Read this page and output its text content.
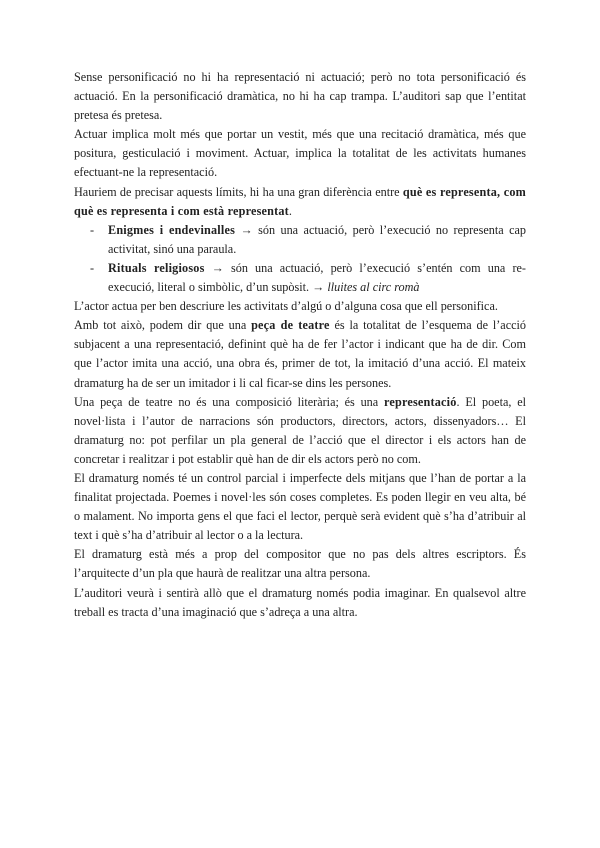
Sense personificació no hi ha representació ni actuació; però no tota personificació és actuació. En la personificació dramàtica, no hi ha cap trampa. L’auditori sap que l’entitat pretesa és pretesa.

Actuar implica molt més que portar un vestit, més que una recitació dramàtica, més que positura, gesticulació i moviment. Actuar, implica la totalitat de les activitats humanes efectuant-ne la representació.

Hauriem de precisar aquests límits, hi ha una gran diferència entre què es representa, com què es representa i com està representat.

- Enigmes i endevinalles → són una actuació, però l’execució no representa cap activitat, sinó una paraula.
- Rituals religiosos → són una actuació, però l’execució s’entén com una re-execució, literal o simbòlic, d’un supòsit. → lluites al circ romà

L’actor actua per ben descriure les activitats d’algú o d’alguna cosa que ell personifica.

Amb tot això, podem dir que una peça de teatre és la totalitat de l’esquema de l’acció subjacent a una representació, definint què ha de fer l’actor i indicant que ha de dir. Com que l’actor imita una acció, una obra és, primer de tot, la imitació d’una acció. El mateix dramaturg ha de ser un imitador i li cal ficar-se dins les persones.

Una peça de teatre no és una composició literària; és una representació. El poeta, el novel·lista i l’autor de narracions són productors, directors, actors, dissenyadors… El dramaturg no: pot perfilar un pla general de l’acció que el director i els actors han de concretar i realitzar i pot establir què han de dir els actors però no com.

El dramaturg només té un control parcial i imperfecte dels mitjans que l’han de portar a la finalitat projectada. Poemes i novel·les són coses completes. Es poden llegir en veu alta, bé o malament. No importa gens el que faci el lector, perquè serà evident què s’ha d’atribuir al text i què s’ha d’atribuir al lector o a la lectura.

El dramaturg està més a prop del compositor que no pas dels altres escriptors. És l’arquitecte d’un pla que haurà de realitzar una altra persona.

L’auditori veurà i sentirà allò que el dramaturg només podia imaginar. En qualsevol altre treball es tracta d’una imaginació que s’adreça a una altra.
